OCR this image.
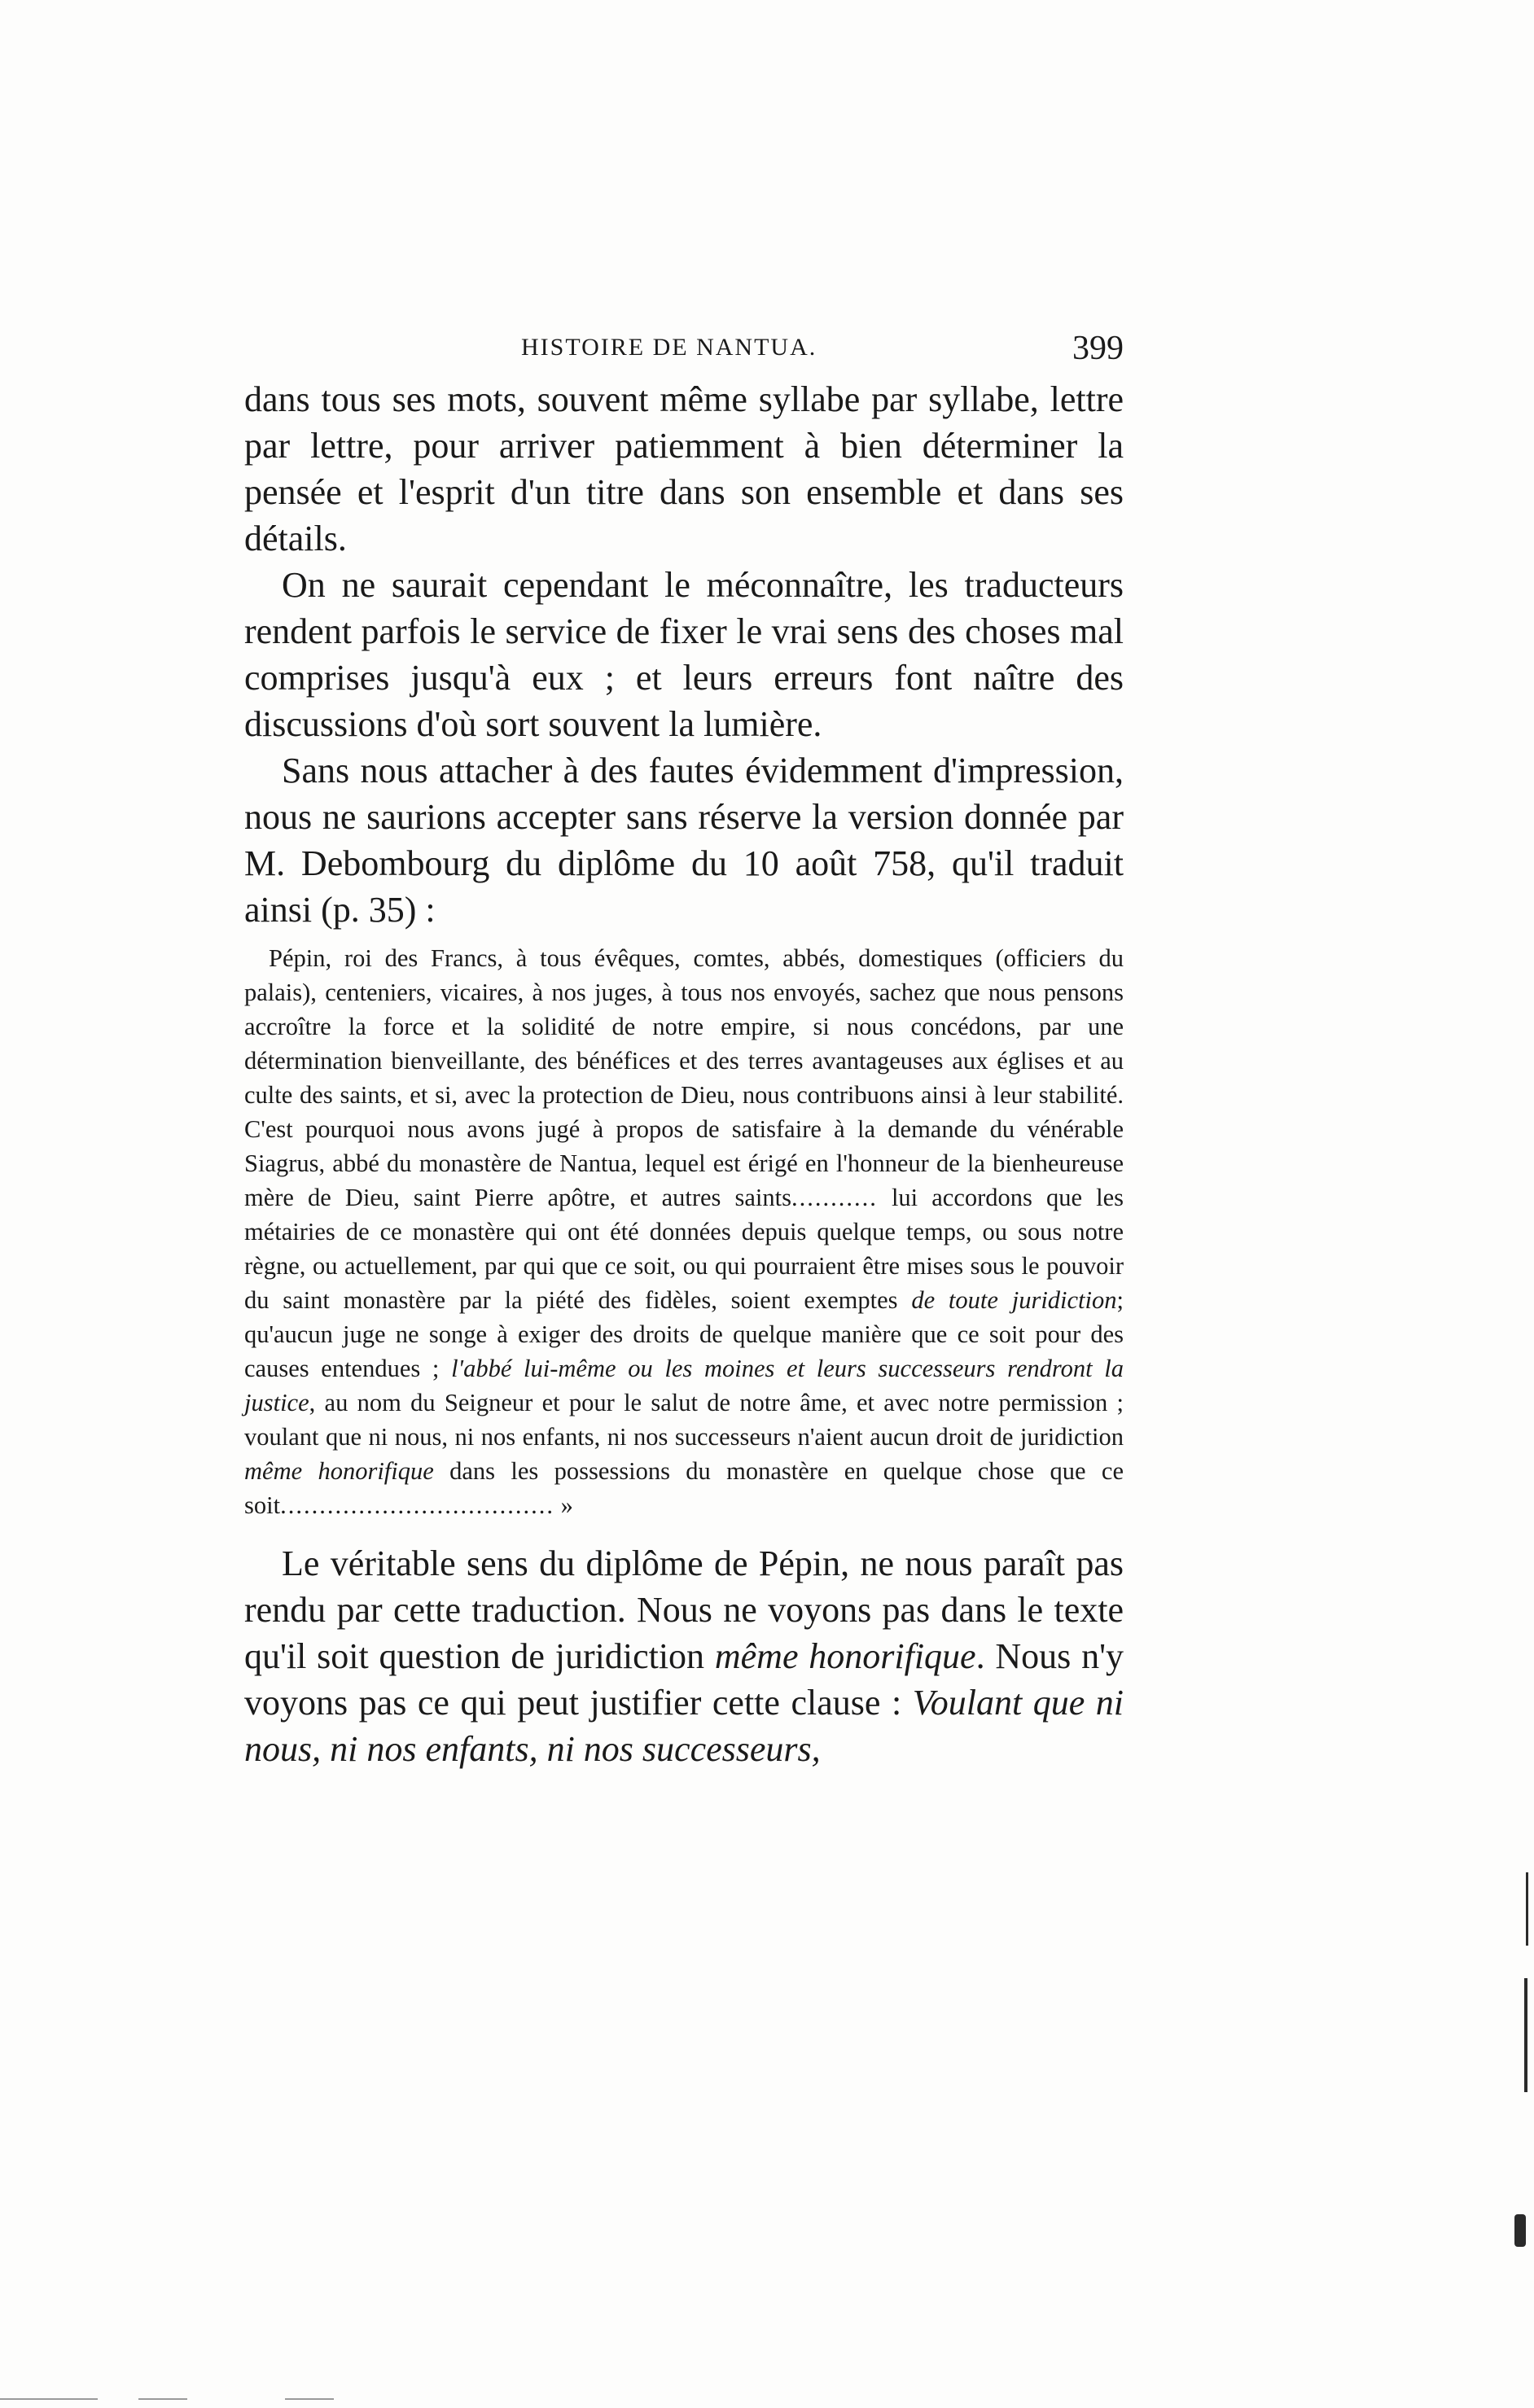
HISTOIRE DE NANTUA.	399

dans tous ses mots, souvent même syllabe par syllabe, lettre par lettre, pour arriver patiemment à bien déterminer la pensée et l'esprit d'un titre dans son ensemble et dans ses détails.

On ne saurait cependant le méconnaître, les traducteurs rendent parfois le service de fixer le vrai sens des choses mal comprises jusqu'à eux ; et leurs erreurs font naître des discussions d'où sort souvent la lumière.

Sans nous attacher à des fautes évidemment d'impression, nous ne saurions accepter sans réserve la version donnée par M. Debombourg du diplôme du 10 août 758, qu'il traduit ainsi (p. 35) :

Pépin, roi des Francs, à tous évêques, comtes, abbés, domestiques (officiers du palais), centeniers, vicaires, à nos juges, à tous nos envoyés, sachez que nous pensons accroître la force et la solidité de notre empire, si nous concédons, par une détermination bienveillante, des bénéfices et des terres avantageuses aux églises et au culte des saints, et si, avec la protection de Dieu, nous contribuons ainsi à leur stabilité. C'est pourquoi nous avons jugé à propos de satisfaire à la demande du vénérable Siagrus, abbé du monastère de Nantua, lequel est érigé en l'honneur de la bienheureuse mère de Dieu, saint Pierre apôtre, et autres saints........... lui accordons que les métairies de ce monastère qui ont été données depuis quelque temps, ou sous notre règne, ou actuellement, par qui que ce soit, ou qui pourraient être mises sous le pouvoir du saint monastère par la piété des fidèles, soient exemptes de toute juridiction; qu'aucun juge ne songe à exiger des droits de quelque manière que ce soit pour des causes entendues ; l'abbé lui-même ou les moines et leurs successeurs rendront la justice, au nom du Seigneur et pour le salut de notre âme, et avec notre permission ; voulant que ni nous, ni nos enfants, ni nos successeurs n'aient aucun droit de juridiction même honorifique dans les possessions du monastère en quelque chose que ce soit................................... »

Le véritable sens du diplôme de Pépin, ne nous paraît pas rendu par cette traduction. Nous ne voyons pas dans le texte qu'il soit question de juridiction même honorifique. Nous n'y voyons pas ce qui peut justifier cette clause : Voulant que ni nous, ni nos enfants, ni nos successeurs,
